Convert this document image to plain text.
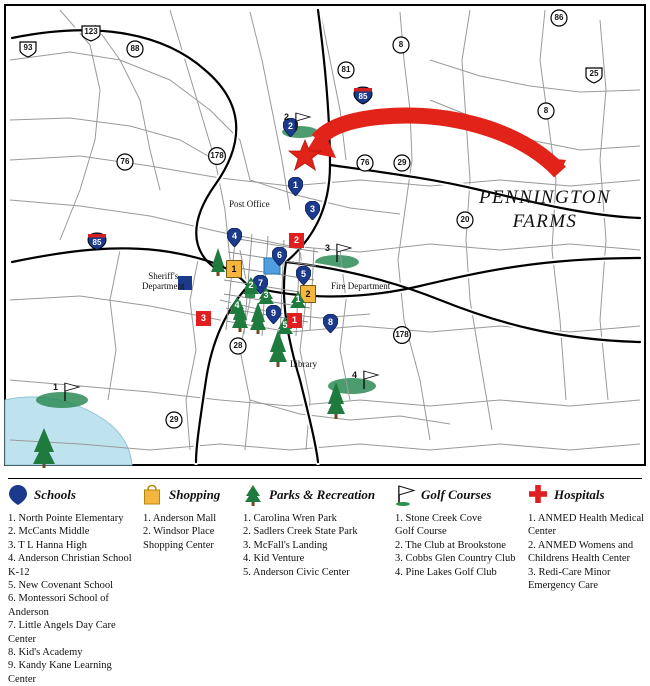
PENNINGTON
FARMS
Post Office
Sheriff's
Department	Fire Department
Library
93
123
88
81
8
86
25
8
85
76
178
76	29
20
85
28
178
29
1
2
3
4
5
6
7
8
9
1
2
1
2
3
4
5
1
2
3
4
1
2
3
Schools
1. North Pointe Elementary
2. McCants Middle
3. T L Hanna High
4. Anderson Christian School
K-12
5. New Covenant School
6. Montessori School of Anderson
7. Little Angels Day Care Center
8. Kid's Academy
9. Kandy Kane Learning Center
Shopping
1. Anderson Mall
2. Windsor Place
Shopping Center
Parks & Recreation
1. Carolina Wren Park
2. Sadlers Creek State Park
3. McFall's Landing
4. Kid Venture
5. Anderson Civic Center
Golf Courses
1. Stone Creek Cove
Golf Course
2. The Club at Brookstone
3. Cobbs Glen Country Club
4. Pine Lakes Golf Club
Hospitals
1. ANMED Health Medical
Center
2. ANMED Womens and
Childrens Health Center
3. Redi-Care Minor
Emergency Care
